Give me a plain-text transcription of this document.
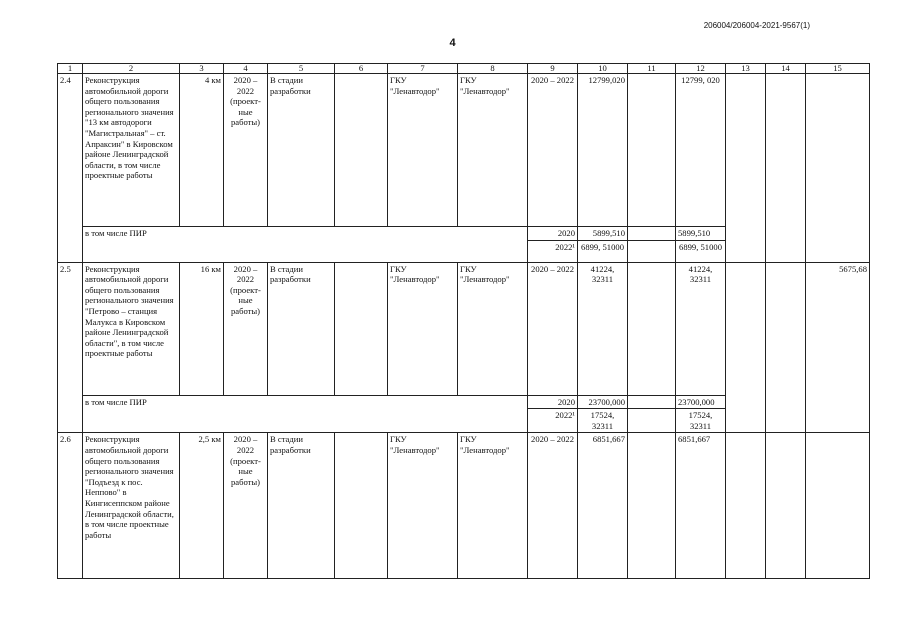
206004/206004-2021-9567(1)
4
1	2	3	4	5	6	7	8	9	10	11	12	13	14	15
2.4	Реконструкция автомобильной дороги общего пользования регионального значения "13 км автодороги "Магистральная" – ст. Апраксин" в Кировском районе Ленинградской области, в том числе проектные работы	4 км	2020 – 2022 (проект- ные работы)	В стадии разработки		ГКУ "Ленавтодор"	ГКУ "Ленавтодор"	2020 – 2022	12799,020		12799, 020			
	в том числе ПИР							2020	5899,510		5899,510			
								2022¹	6899, 51000		6899, 51000			
2.5	Реконструкция автомобильной дороги общего пользования регионального значения "Петрово – станция Малукса в Кировском районе Ленинградской области", в том числе проектные работы	16 км	2020 – 2022 (проект- ные работы)	В стадии разработки		ГКУ "Ленавтодор"	ГКУ "Ленавтодор"	2020 – 2022	41224, 32311		41224, 32311			5675,68
	в том числе ПИР							2020	23700,000		23700,000			
								2022¹	17524, 32311		17524, 32311			
2.6	Реконструкция автомобильной дороги общего пользования регионального значения "Подъезд к пос. Неппово" в Кингисеппском районе Ленинградской области, в том числе проектные работы	2,5 км	2020 – 2022 (проект- ные работы)	В стадии разработки		ГКУ "Ленавтодор"	ГКУ "Ленавтодор"	2020 – 2022	6851,667		6851,667			
